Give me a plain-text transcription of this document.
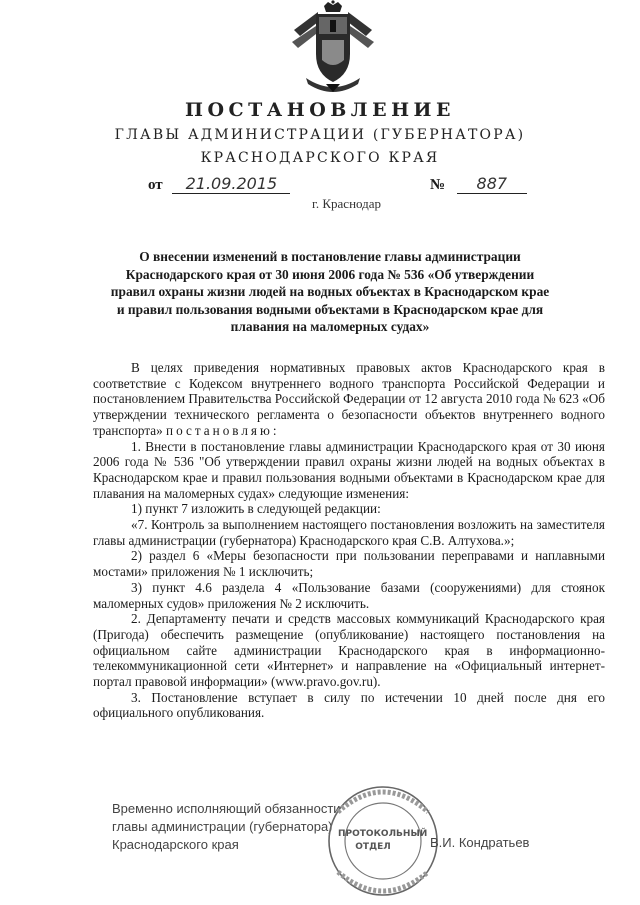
ПОСТАНОВЛЕНИЕ
ГЛАВЫ АДМИНИСТРАЦИИ (ГУБЕРНАТОРА)
КРАСНОДАРСКОГО КРАЯ
от 21.09.2015	№ 887
г. Краснодар
О внесении изменений в постановление главы администрации Краснодарского края от 30 июня 2006 года № 536 «Об утверждении правил охраны жизни людей на водных объектах в Краснодарском крае и правил пользования водными объектами в Краснодарском крае для плавания на маломерных судах»

В целях приведения нормативных правовых актов Краснодарского края в соответствие с Кодексом внутреннего водного транспорта Российской Федерации и постановлением Правительства Российской Федерации от 12 августа 2010 года № 623 «Об утверждении технического регламента о безопасности объектов внутреннего водного транспорта» постановляю:

1. Внести в постановление главы администрации Краснодарского края от 30 июня 2006 года № 536 "Об утверждении правил охраны жизни людей на водных объектах в Краснодарском крае и правил пользования водными объектами в Краснодарском крае для плавания на маломерных судах» следующие изменения:

1) пункт 7 изложить в следующей редакции:

«7. Контроль за выполнением настоящего постановления возложить на заместителя главы администрации (губернатора) Краснодарского края С.В. Алтухова.»;

2) раздел 6 «Меры безопасности при пользовании переправами и наплавными мостами» приложения № 1 исключить;

3) пункт 4.6 раздела 4 «Пользование базами (сооружениями) для стоянок маломерных судов» приложения № 2 исключить.

2. Департаменту печати и средств массовых коммуникаций Краснодарского края (Пригода) обеспечить размещение (опубликование) настоящего постановления на официальном сайте администрации Краснодарского края в информационно-телекоммуникационной сети «Интернет» и направление на «Официальный интернет-портал правовой информации» (www.pravo.gov.ru).

3. Постановление вступает в силу по истечении 10 дней после дня его официального опубликования.

Временно исполняющий обязанности
главы администрации (губернатора)
Краснодарского края
ПРОТОКОЛЬНЫЙ
ОТДЕЛ	В.И. Кондратьев
